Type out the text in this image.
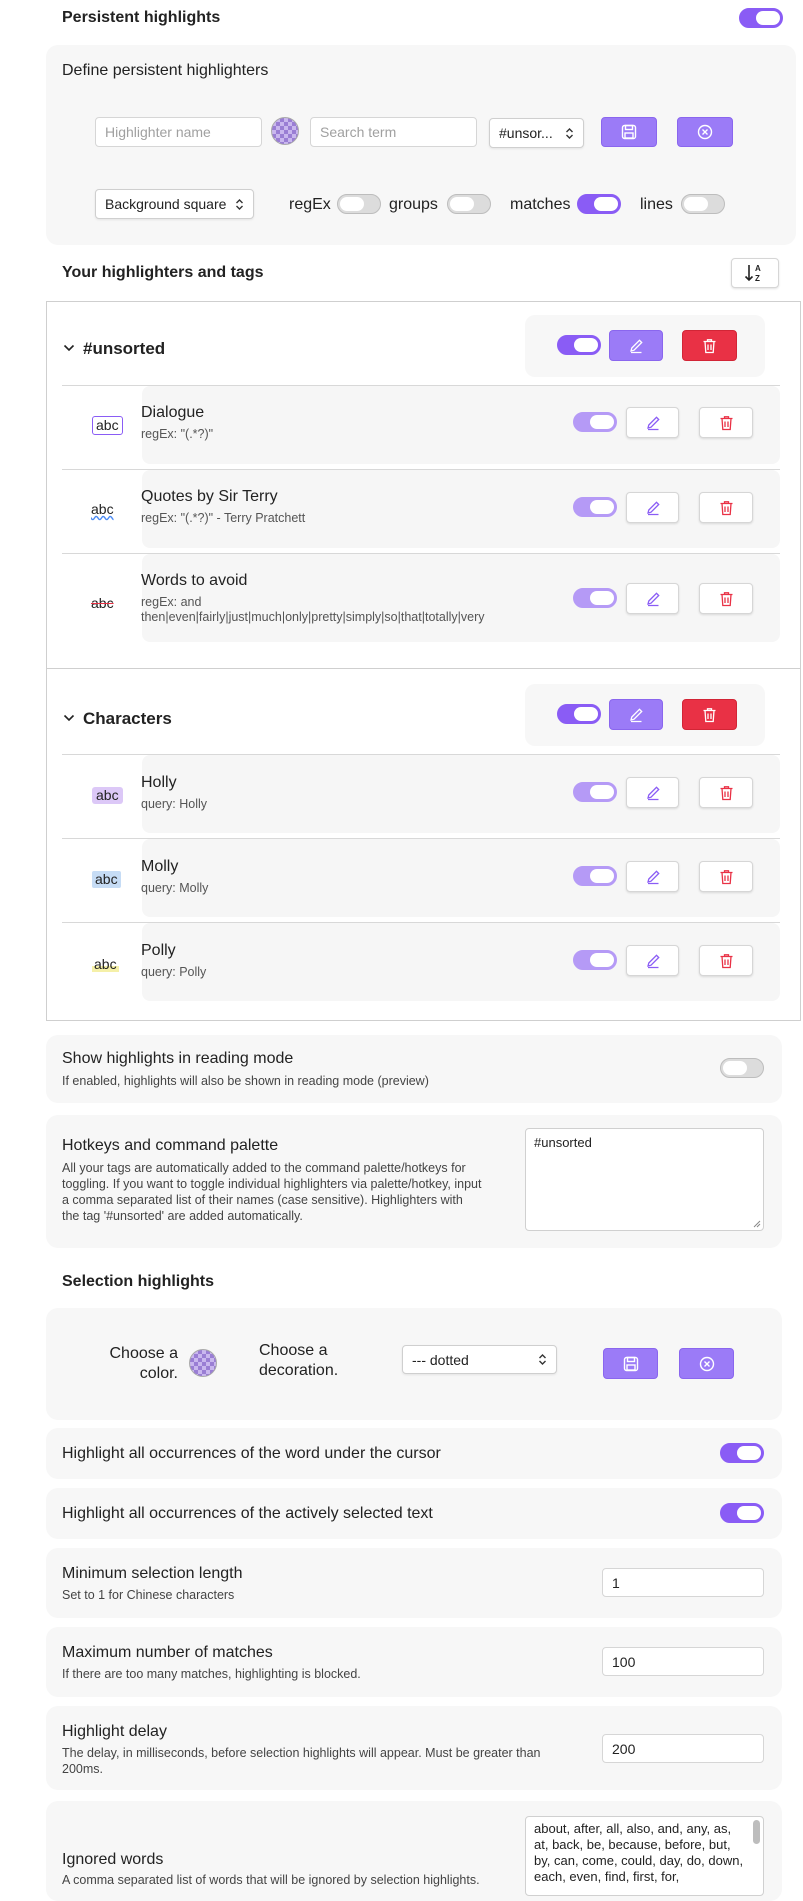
Persistent highlights
Define persistent highlighters
Highlighter name	Search term	#unsor...
Background square	regEx	groups	matches	lines
Your highlighters and tags	A
Z
#unsorted
abc
Dialogue
regEx: "(.*?)"
abc
Quotes by Sir Terry
regEx: "(.*?)" - Terry Pratchett
abc
Words to avoid
regEx: and then|even|fairly|just|much|only|pretty|simply|so|that|totally|very
Characters
abc
Holly
query: Holly
abc
Molly
query: Molly
abc
Polly
query: Polly
Show highlights in reading mode
If enabled, highlights will also be shown in reading mode (preview)
Hotkeys and command palette
All your tags are automatically added to the command palette/hotkeys for toggling. If you want to toggle individual highlighters via palette/hotkey, input a comma separated list of their names (case sensitive). Highlighters with the tag '#unsorted' are added automatically.
#unsorted
Selection highlights
Choose a color.
Choose a decoration.
--- dotted
Highlight all occurrences of the word under the cursor
Highlight all occurrences of the actively selected text
Minimum selection length
Set to 1 for Chinese characters
1
Maximum number of matches
If there are too many matches, highlighting is blocked.
100
Highlight delay
The delay, in milliseconds, before selection highlights will appear. Must be greater than 200ms.
200
Ignored words
A comma separated list of words that will be ignored by selection highlights.
about, after, all, also, and, any, as, at, back, be, because, before, but, by, can, come, could, day, do, down, each, even, find, first, for,
